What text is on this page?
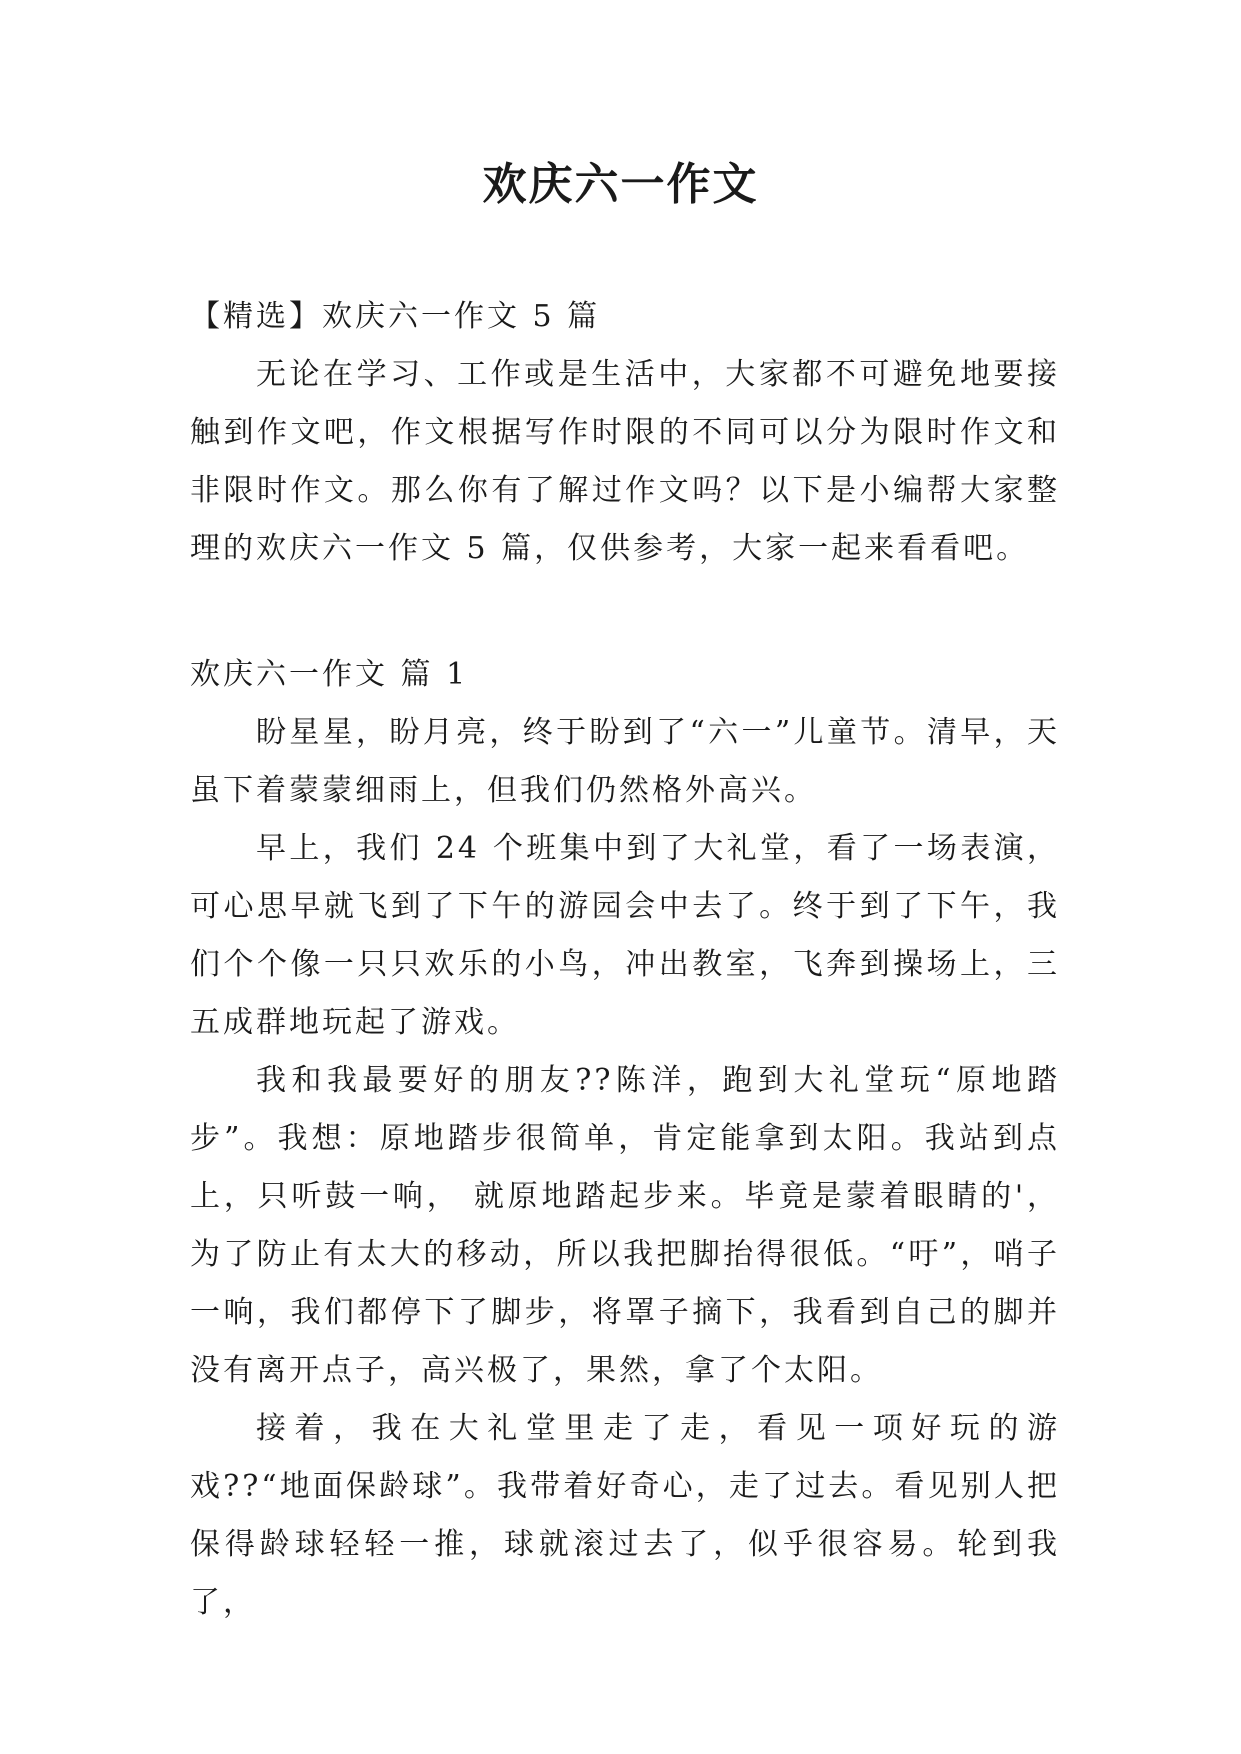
欢庆六一作文

【精选】欢庆六一作文 5 篇

无论在学习、工作或是生活中，大家都不可避免地要接触到作文吧，作文根据写作时限的不同可以分为限时作文和非限时作文。那么你有了解过作文吗？以下是小编帮大家整理的欢庆六一作文 5 篇，仅供参考，大家一起来看看吧。

欢庆六一作文 篇 1

盼星星，盼月亮，终于盼到了“六一”儿童节。清早，天虽下着蒙蒙细雨上，但我们仍然格外高兴。

早上，我们 24 个班集中到了大礼堂，看了一场表演，可心思早就飞到了下午的游园会中去了。终于到了下午，我们个个像一只只欢乐的小鸟，冲出教室，飞奔到操场上，三五成群地玩起了游戏。

我和我最要好的朋友??陈洋，跑到大礼堂玩“原地踏步”。我想：原地踏步很简单，肯定能拿到太阳。我站到点上，只听鼓一响， 就原地踏起步来。毕竟是蒙着眼睛的'，为了防止有太大的移动，所以我把脚抬得很低。“吁”，哨子一响，我们都停下了脚步，将罩子摘下，我看到自己的脚并没有离开点子，高兴极了，果然，拿了个太阳。

接着，我在大礼堂里走了走，看见一项好玩的游戏??“地面保龄球”。我带着好奇心，走了过去。看见别人把保得龄球轻轻一推，球就滚过去了，似乎很容易。轮到我了，
